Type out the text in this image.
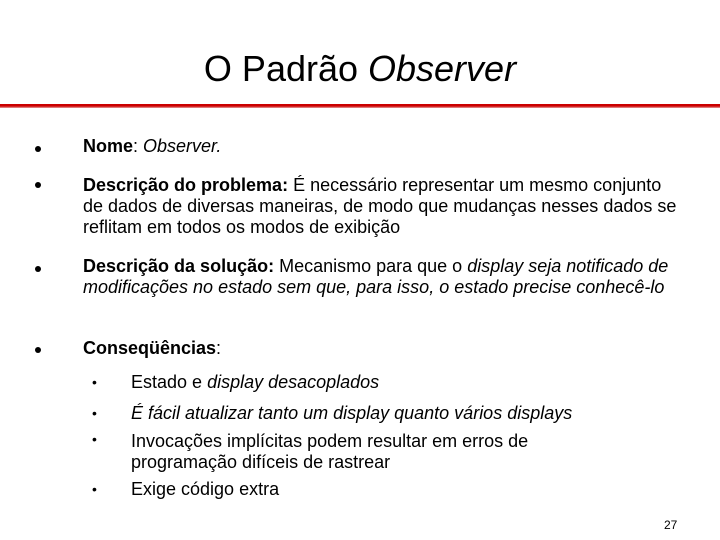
O Padrão Observer
Nome: Observer.
Descrição do problema: É necessário representar um mesmo conjunto de dados de diversas maneiras, de modo que mudanças nesses dados se reflitam em todos os modos de exibição
Descrição da solução: Mecanismo para que o display seja notificado de modificações no estado sem que, para isso, o estado precise conhecê-lo
Conseqüências:
• Estado e display desacoplados
• É fácil atualizar tanto um display quanto vários displays
• Invocações implícitas podem resultar em erros de programação difíceis de rastrear
• Exige código extra
27
